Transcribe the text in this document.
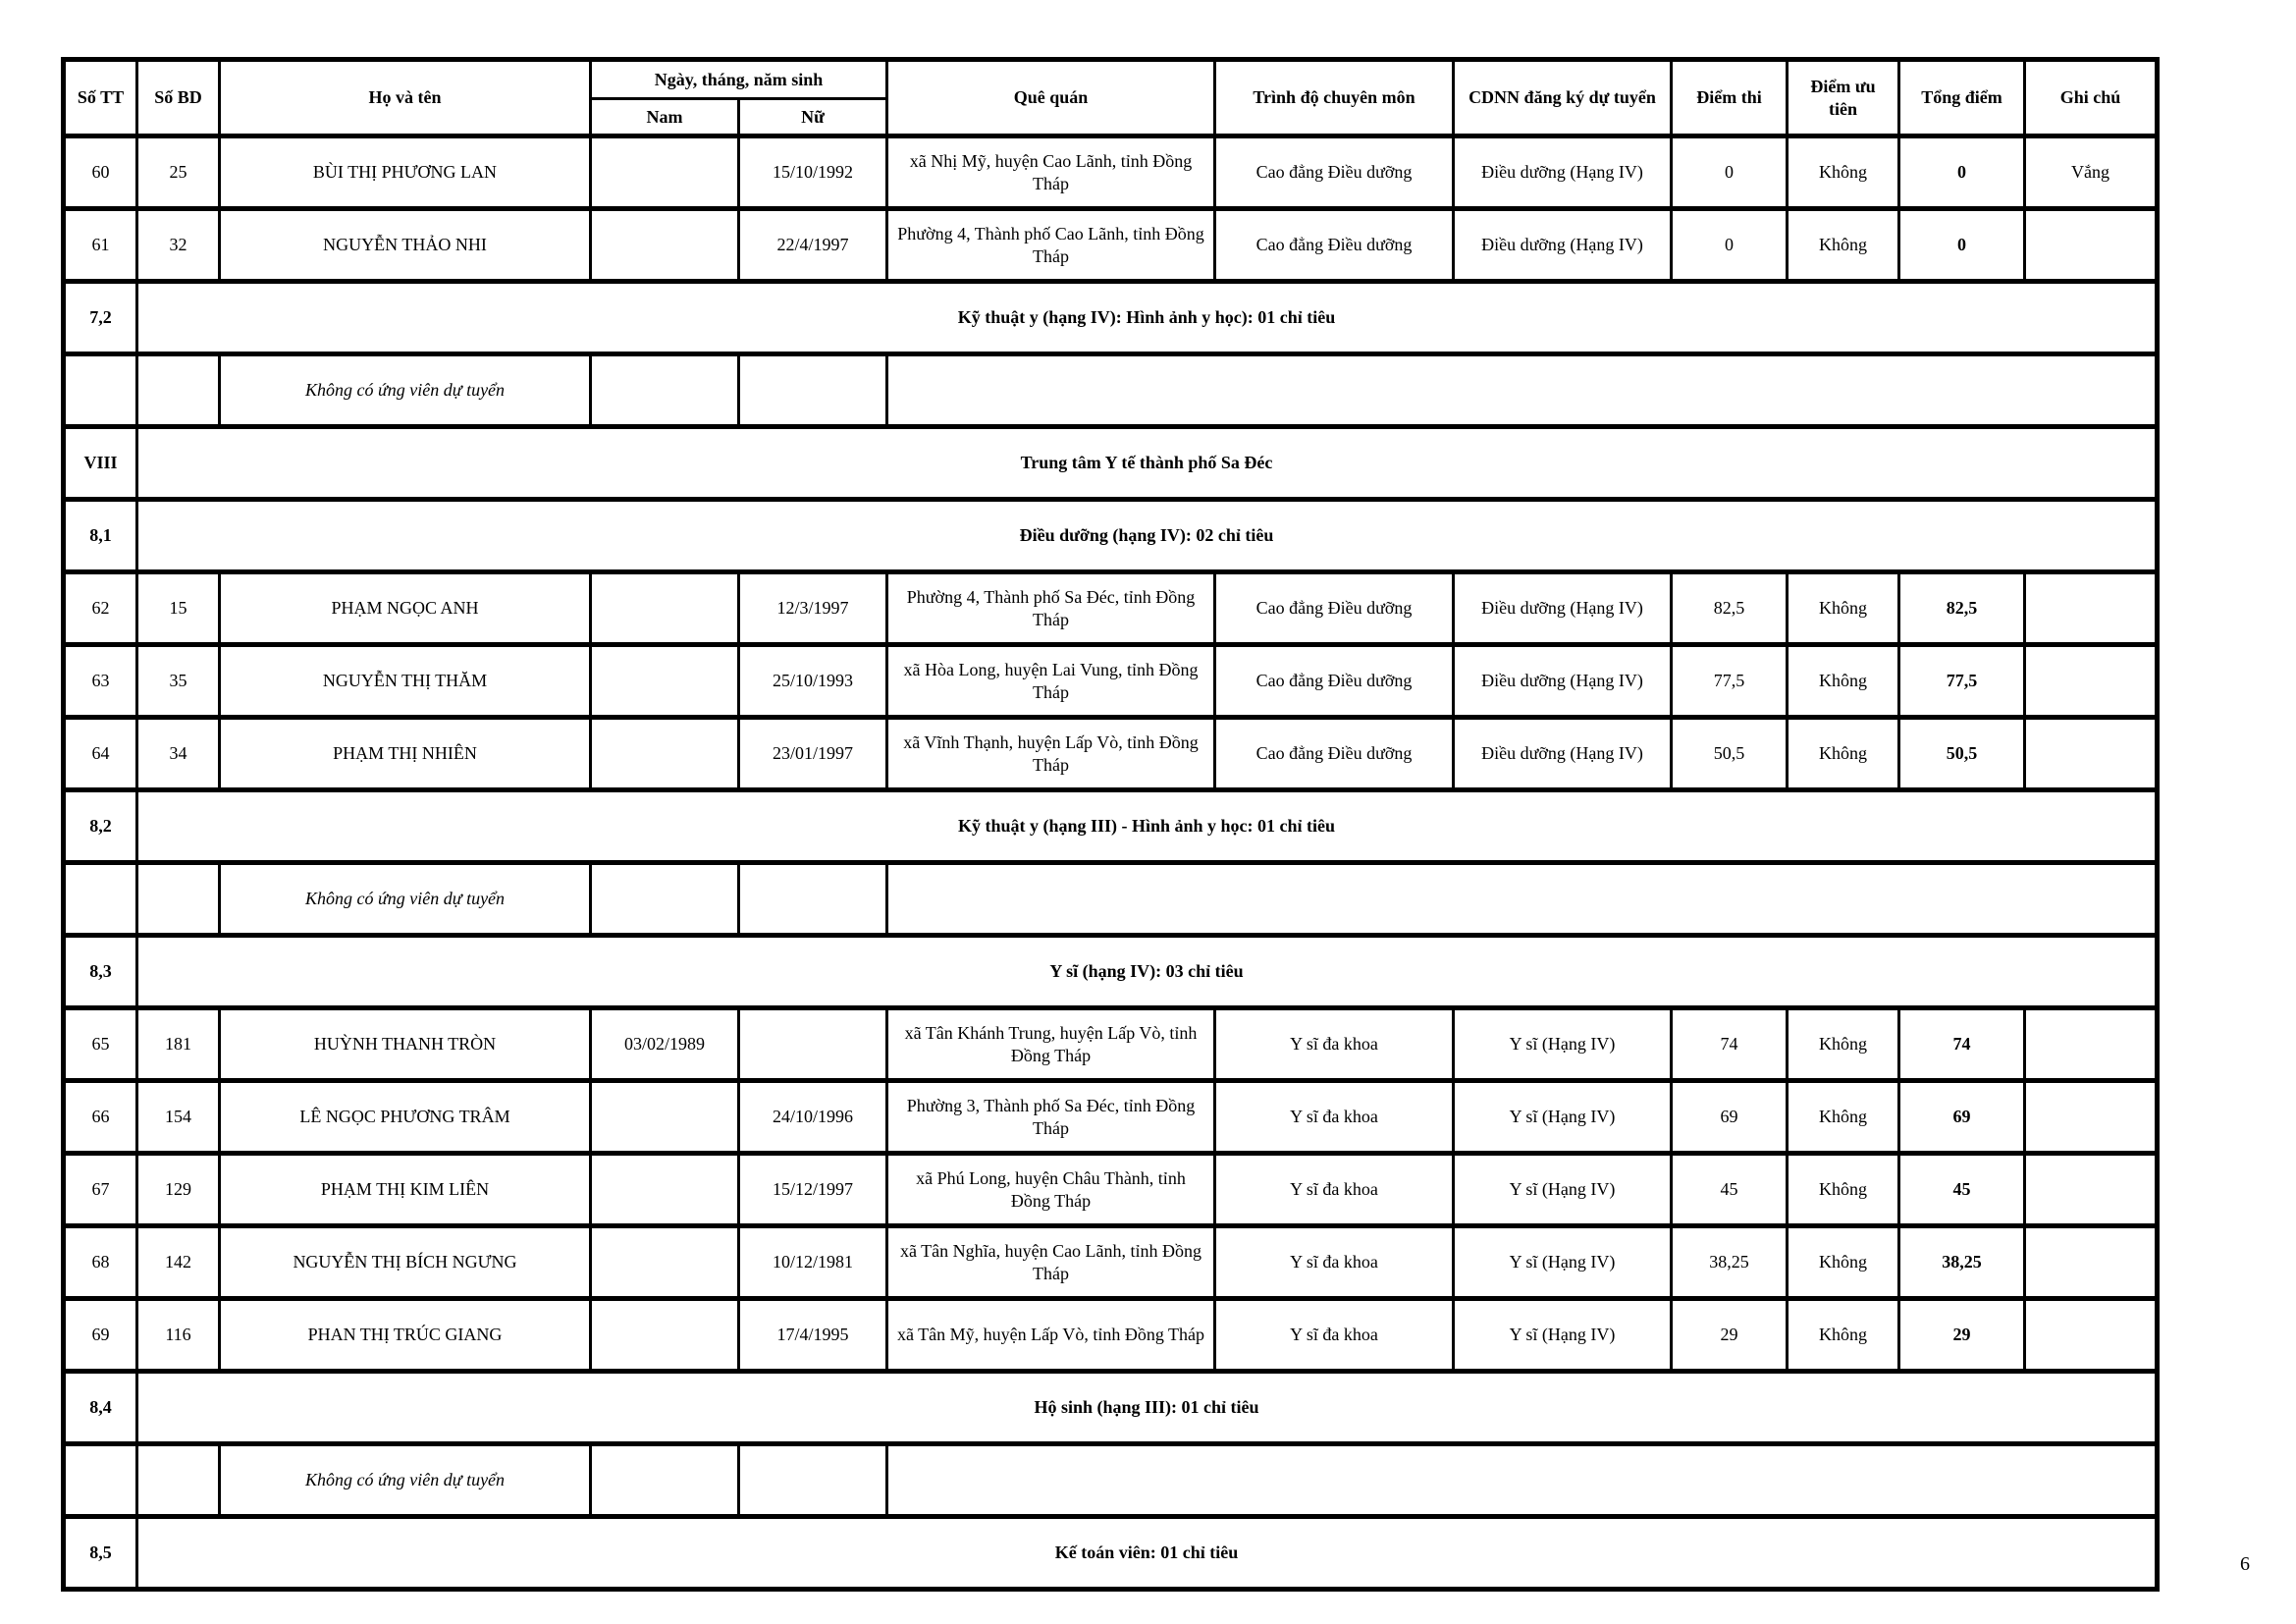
Số TT	Số BD	Họ và tên	Ngày, tháng, năm sinh		Quê quán	Trình độ chuyên môn	CDNN đăng ký dự tuyển	Điểm thi	Điểm ưu tiên	Tổng điểm	Ghi chú
			Nam	Nữ							
60	25	BÙI THỊ PHƯƠNG LAN		15/10/1992	xã Nhị Mỹ, huyện Cao Lãnh, tỉnh Đồng Tháp	Cao đẳng Điều dưỡng	Điều dưỡng (Hạng IV)	0	Không	0	Vắng
61	32	NGUYỄN THẢO NHI		22/4/1997	Phường 4, Thành phố Cao Lãnh, tỉnh Đồng Tháp	Cao đẳng Điều dưỡng	Điều dưỡng (Hạng IV)	0	Không	0	
7,2	Kỹ thuật y (hạng IV): Hình ảnh y học): 01 chỉ tiêu										
		Không có ứng viên dự tuyển									
VIII	Trung tâm Y tế thành phố Sa Đéc										
8,1	Điều dưỡng (hạng IV): 02 chỉ tiêu										
62	15	PHẠM NGỌC ANH		12/3/1997	Phường 4, Thành phố Sa Đéc, tỉnh Đồng Tháp	Cao đẳng Điều dưỡng	Điều dưỡng (Hạng IV)	82,5	Không	82,5	
63	35	NGUYỄN THỊ THĂM		25/10/1993	xã Hòa Long, huyện Lai Vung, tỉnh Đồng Tháp	Cao đẳng Điều dưỡng	Điều dưỡng (Hạng IV)	77,5	Không	77,5	
64	34	PHẠM THỊ NHIÊN		23/01/1997	xã Vĩnh Thạnh, huyện Lấp Vò, tỉnh Đồng Tháp	Cao đẳng Điều dưỡng	Điều dưỡng (Hạng IV)	50,5	Không	50,5	
8,2	Kỹ thuật y (hạng III) - Hình ảnh y học: 01 chỉ tiêu										
		Không có ứng viên dự tuyển									
8,3	Y sĩ (hạng IV): 03 chỉ tiêu										
65	181	HUỲNH THANH TRÒN	03/02/1989		xã Tân Khánh Trung, huyện Lấp Vò, tỉnh Đồng Tháp	Y sĩ đa khoa	Y sĩ (Hạng IV)	74	Không	74	
66	154	LÊ NGỌC PHƯƠNG TRÂM		24/10/1996	Phường 3, Thành phố Sa Đéc, tỉnh Đồng Tháp	Y sĩ đa khoa	Y sĩ (Hạng IV)	69	Không	69	
67	129	PHẠM THỊ KIM LIÊN		15/12/1997	xã Phú Long, huyện Châu Thành, tỉnh Đồng Tháp	Y sĩ đa khoa	Y sĩ (Hạng IV)	45	Không	45	
68	142	NGUYỄN THỊ BÍCH NGƯNG		10/12/1981	xã Tân Nghĩa, huyện Cao Lãnh, tỉnh Đồng Tháp	Y sĩ đa khoa	Y sĩ (Hạng IV)	38,25	Không	38,25	
69	116	PHAN THỊ TRÚC GIANG		17/4/1995	xã Tân Mỹ, huyện Lấp Vò, tỉnh Đồng Tháp	Y sĩ đa khoa	Y sĩ (Hạng IV)	29	Không	29	
8,4	Hộ sinh (hạng III): 01 chỉ tiêu										
		Không có ứng viên dự tuyển									
8,5	Kế toán viên: 01 chỉ tiêu										
6
